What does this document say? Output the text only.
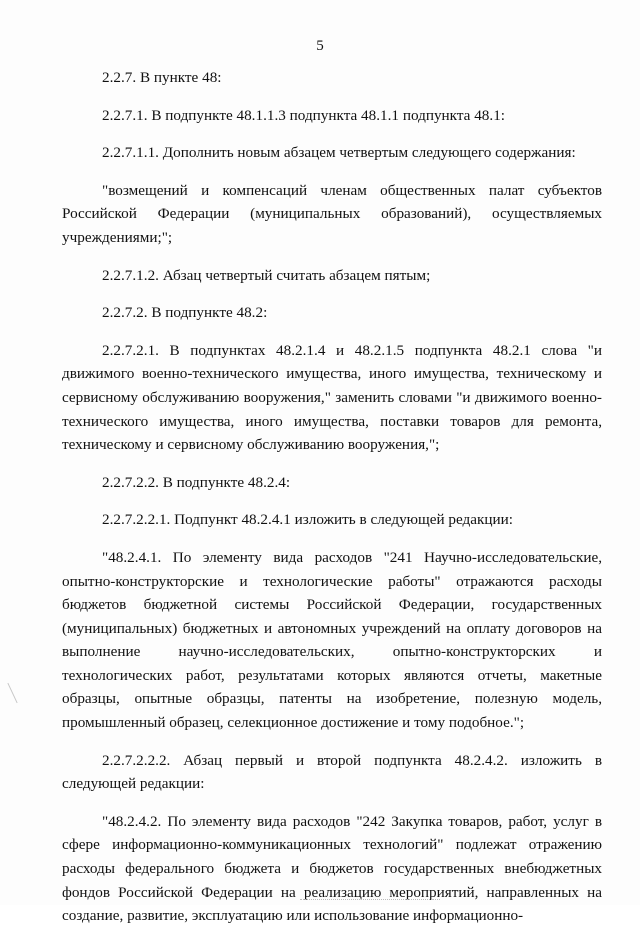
5

2.2.7. В пункте 48:

2.2.7.1. В подпункте 48.1.1.3 подпункта 48.1.1 подпункта 48.1:

2.2.7.1.1. Дополнить новым абзацем четвертым следующего содержания:

"возмещений и компенсаций членам общественных палат субъектов Российской Федерации (муниципальных образований), осуществляемых учреждениями;";

2.2.7.1.2. Абзац четвертый считать абзацем пятым;

2.2.7.2. В подпункте 48.2:

2.2.7.2.1. В подпунктах 48.2.1.4 и 48.2.1.5 подпункта 48.2.1 слова "и движимого военно-технического имущества, иного имущества, техническому и сервисному обслуживанию вооружения," заменить словами "и движимого военно-технического имущества, иного имущества, поставки товаров для ремонта, техническому и сервисному обслуживанию вооружения,";

2.2.7.2.2. В подпункте 48.2.4:

2.2.7.2.2.1. Подпункт 48.2.4.1 изложить в следующей редакции:

"48.2.4.1. По элементу вида расходов "241 Научно-исследовательские, опытно-конструкторские и технологические работы" отражаются расходы бюджетов бюджетной системы Российской Федерации, государственных (муниципальных) бюджетных и автономных учреждений на оплату договоров на выполнение научно-исследовательских, опытно-конструкторских и технологических работ, результатами которых являются отчеты, макетные образцы, опытные образцы, патенты на изобретение, полезную модель, промышленный образец, селекционное достижение и тому подобное.";

2.2.7.2.2.2. Абзац первый и второй подпункта 48.2.4.2. изложить в следующей редакции:

"48.2.4.2. По элементу вида расходов "242 Закупка товаров, работ, услуг в сфере информационно-коммуникационных технологий" подлежат отражению расходы федерального бюджета и бюджетов государственных внебюджетных фондов Российской Федерации на реализацию мероприятий, направленных на создание, развитие, эксплуатацию или использование информационно-
